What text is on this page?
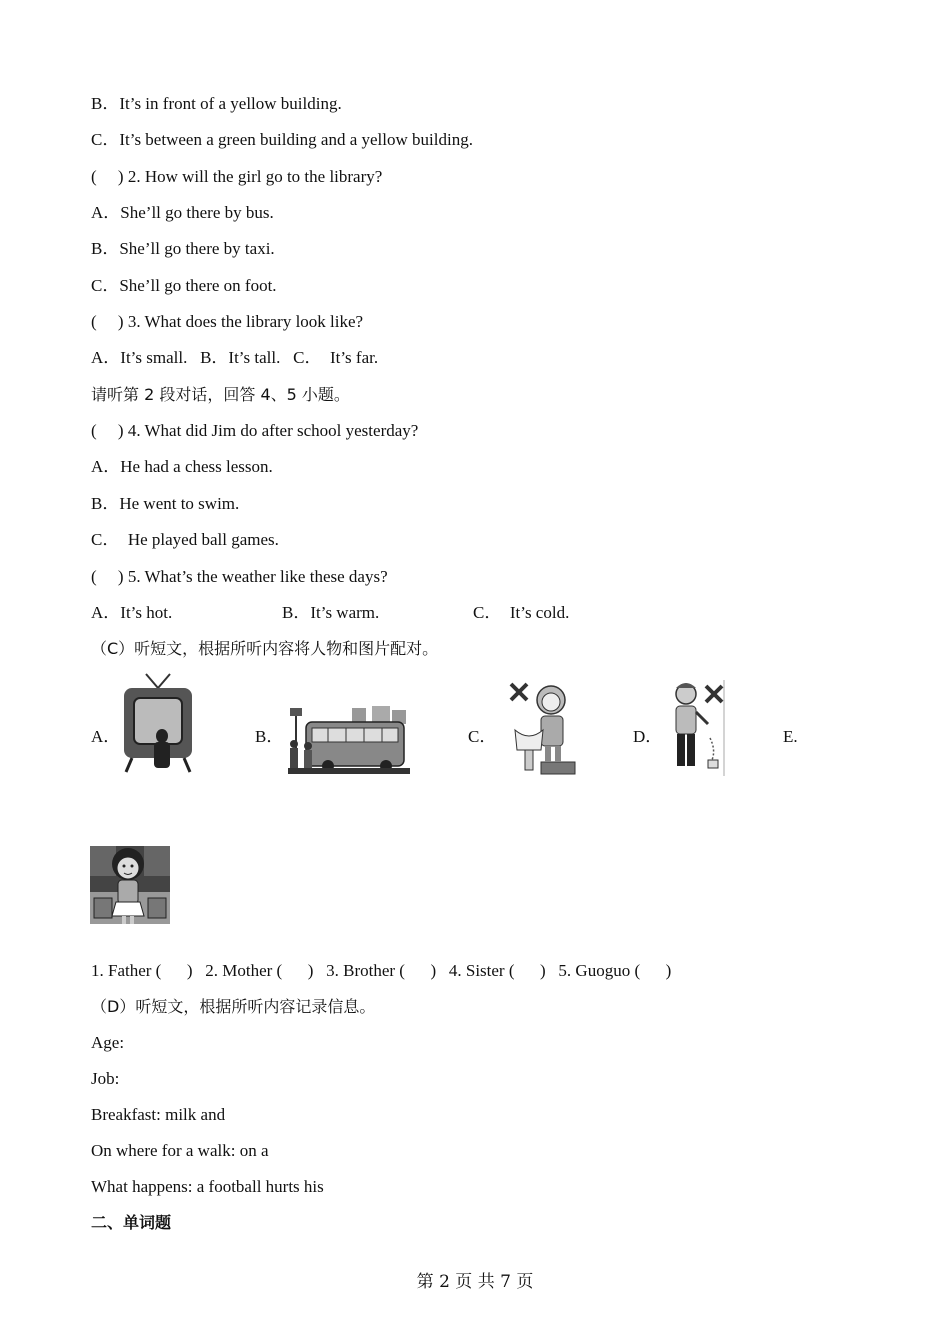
B．It’s in front of a yellow building.
C．It’s between a green building and a yellow building.
(     ) 2. How will the girl go to the library?
A．She’ll go there by bus.
B．She’ll go there by taxi.
C．She’ll go there on foot.
(     ) 3. What does the library look like?
A．It’s small.   B．It’s tall.   C．  It’s far.
请听第 2 段对话，回答 4、5 小题。
(     ) 4. What did Jim do after school yesterday?
A．He had a chess lesson.
B．He went to swim.
C．  He played ball games.
(     ) 5. What’s the weather like these days?
A．It’s hot.	B．It’s warm.	C．  It’s cold.
（C）听短文，根据所听内容将人物和图片配对。
A．	B．	C．	D．	E.
1. Father (      )   2. Mother (      )   3. Brother (      )   4. Sister (      )   5. Guoguo (      )
（D）听短文，根据所听内容记录信息。
Age:
Job:
Breakfast: milk and
On where for a walk: on a
What happens: a football hurts his
二、单词题
第 2 页 共 7 页
